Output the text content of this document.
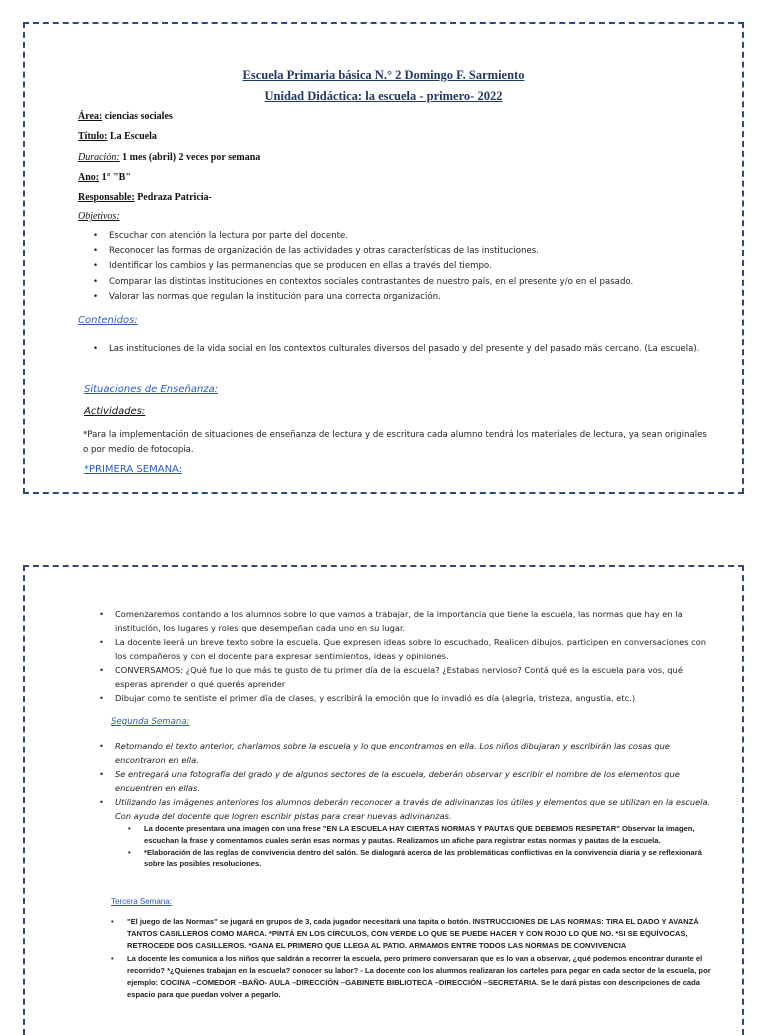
Escuela Primaria básica N.° 2 Domingo F. Sarmiento

Unidad Didáctica: la escuela - primero- 2022

Área: ciencias sociales

Título: La Escuela

Duración: 1 mes (abril) 2 veces por semana

Ano: 1° "B"

Responsable: Pedraza Patricia-

Objetivos:

• Escuchar con atención la lectura por parte del docente.
• Reconocer las formas de organización de las actividades y otras características de las instituciones.
• Identificar los cambios y las permanencias que se producen en ellas a través del tiempo.
• Comparar las distintas instituciones en contextos sociales contrastantes de nuestro país, en el presente y/o en el pasado.
• Valorar las normas que regulan la institución para una correcta organización.

Contenidos:

• Las instituciones de la vida social en los contextos culturales diversos del pasado y del presente y del pasado más cercano. (La escuela).

Situaciones de Enseñanza:

Actividades:

*Para la implementación de situaciones de enseñanza de lectura y de escritura cada alumno tendrá los materiales de lectura, ya sean originales o por medio de fotocopia.

*PRIMERA SEMANA:

• Comenzaremos contando a los alumnos sobre lo que vamos a trabajar, de la importancia que tiene la escuela, las normas que hay en la institución, los lugares y roles que desempeñan cada uno en su lugar.
• La docente leerá un breve texto sobre la escuela. Que expresen ideas sobre lo escuchado, Realicen dibujos. participen en conversaciones con los compañeros y con el docente para expresar sentimientos, ideas y opiniones.
• CONVERSAMOS: ¿Qué fue lo que más te gusto de tu primer día de la escuela? ¿Estabas nervioso? Contá qué es la escuela para vos, qué esperas aprender o qué querés aprender
• Dibujar como te sentiste el primer día de clases, y escribirá la emoción que lo invadió es día (alegría, tristeza, angustia, etc.)

Segunda Semana:

• Retomando el texto anterior, charlamos sobre la escuela y lo que encontramos en ella. Los niños dibujaran y escribirán las cosas que encontraron en ella.
• Se entregará una fotografía del grado y de algunos sectores de la escuela, deberán observar y escribir el nombre de los elementos que encuentren en ellas.
• Utilizando las imágenes anteriores los alumnos deberán reconocer a través de adivinanzas los útiles y elementos que se utilizan en la escuela. Con ayuda del docente que logren escribir pistas para crear nuevas adivinanzas.
• La docente presentara una imagen con una frese "EN LA ESCUELA HAY CIERTAS NORMAS Y PAUTAS QUE DEBEMOS RESPETAR" Observar la imagen, escuchan la frase y comentamos cuales serán esas normas y pautas. Realizamos un afiche para registrar estas normas y pautas de la escuela.
• *Elaboración de las reglas de convivencia dentro del salón. Se dialogará acerca de las problemáticas conflictivas en la convivencia diaria y se reflexionará sobre las posibles resoluciones.

Tercera Semana:

• "El juego de las Normas" se jugará en grupos de 3, cada jugador necesitará una tapita o botón. INSTRUCCIONES DE LAS NORMAS: TIRA EL DADO Y AVANZÁ TANTOS CASILLEROS COMO MARCA. *PINTÁ EN LOS CÍRCULOS, CON VERDE LO QUE SE PUEDE HACER Y CON ROJO LO QUE NO. *SI SE EQUÍVOCAS, RETROCEDE DOS CASILLEROS. *GANA EL PRIMERO QUE LLEGA AL PATIO. ARMAMOS ENTRE TODOS LAS NORMAS DE CONVIVENCIA
• La docente les comunica a los niños que saldrán a recorrer la escuela, pero primero conversaran que es lo van a observar, ¿qué podemos encontrar durante el recorrido? *¿Quienes trabajan en la escuela? conocer su labor? - La docente con los alumnos realizaran los carteles para pegar en cada sector de la escuela, por ejemplo: COCINA –COMEDOR –BAÑO- AULA –DIRECCIÓN –GABINETE BIBLIOTECA –DIRECCIÓN –SECRETARIA. Se le dará pistas con descripciones de cada espacio para que puedan volver a pegarlo.
